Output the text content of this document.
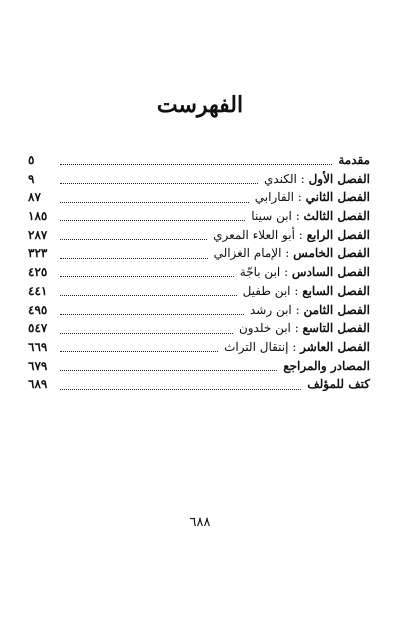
الفهرست
مقدمة
٥
الفصل الأول : الكندي
٩
الفصل الثاني : الفارابي
٨٧
الفصل الثالث : ابن سينا
١٨٥
الفصل الرابع : أبو العلاء المعري
٢٨٧
الفصل الخامس : الإمام الغزالي
٣٢٣
الفصل السادس : ابن باجّة
٤٢٥
الفصل السابع : ابن طفيل
٤٤١
الفصل الثامن : ابن رشد
٤٩٥
الفصل التاسع : ابن خلدون
٥٤٧
الفصل العاشر : إنتقال التراث
٦٦٩
المصادر والمراجع
٦٧٩
كتف للمؤلف
٦٨٩
٦٨٨
